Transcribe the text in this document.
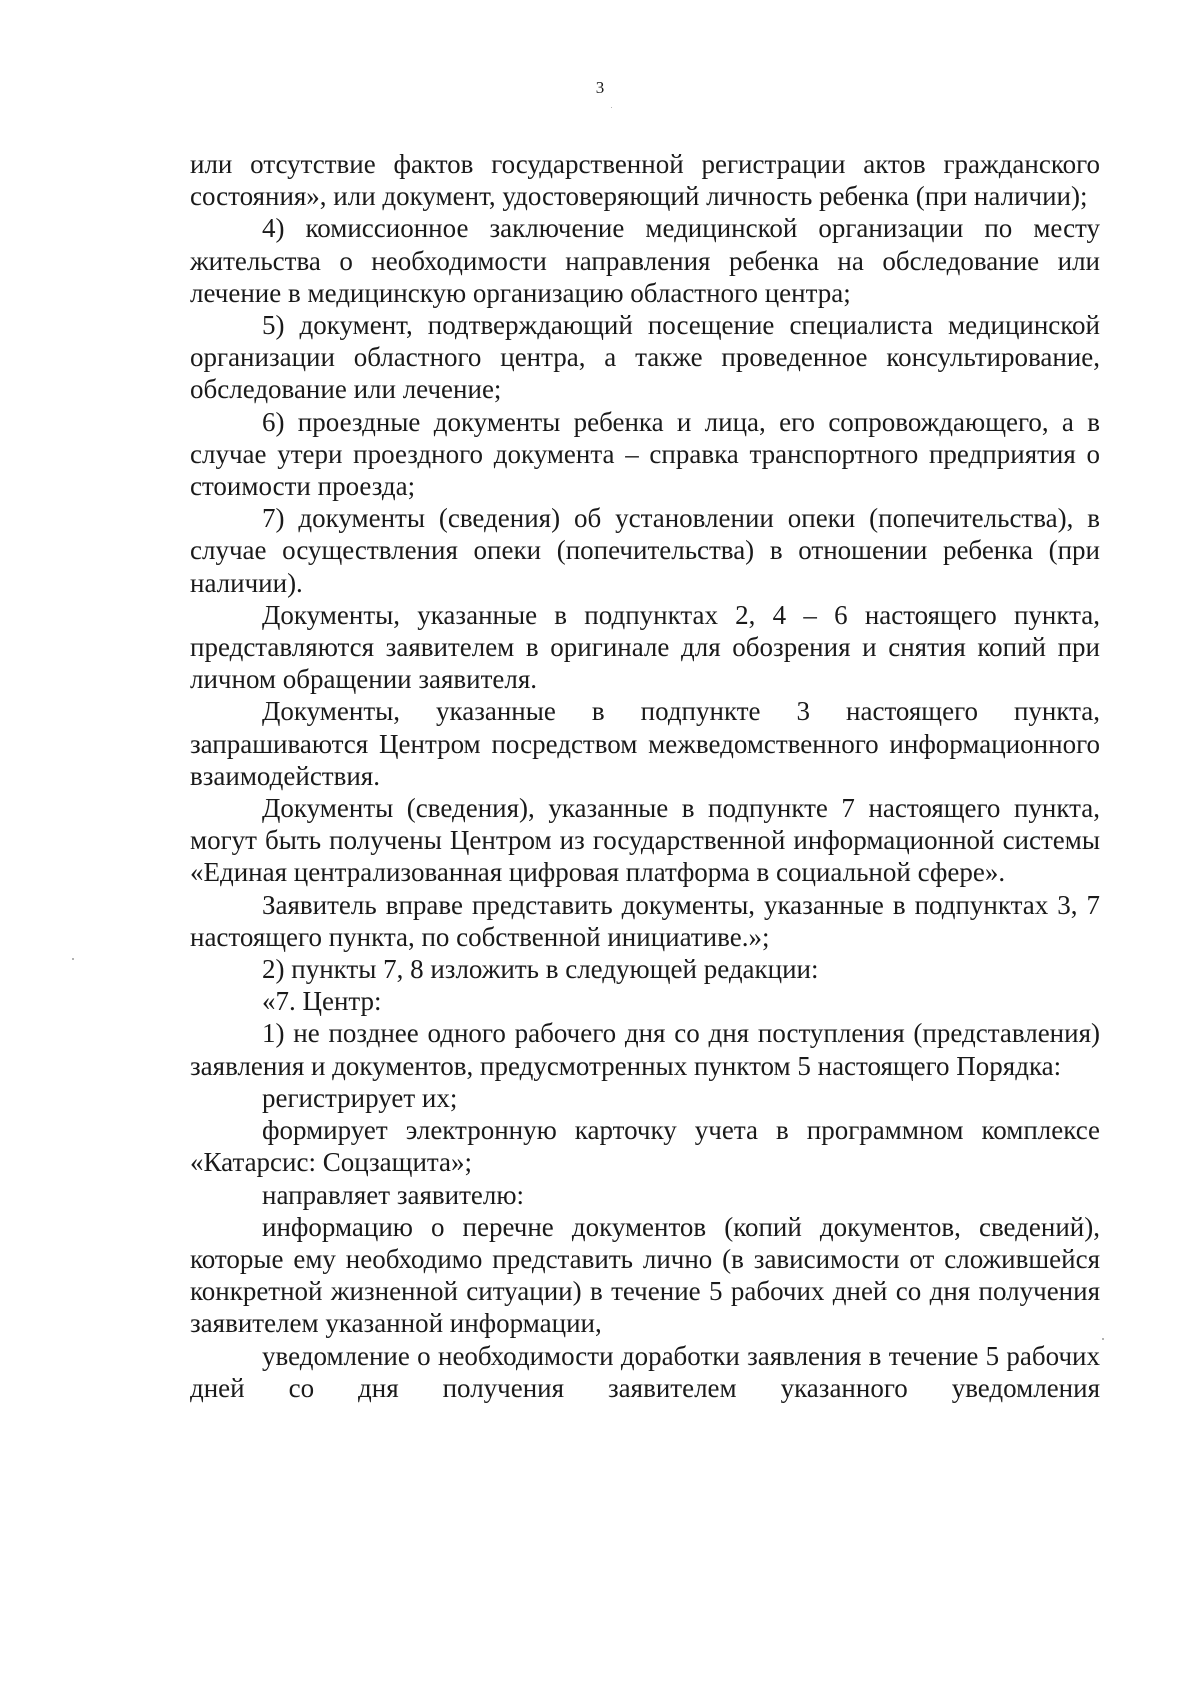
3

или отсутствие фактов государственной регистрации актов гражданского состояния», или документ, удостоверяющий личность ребенка (при наличии);

4) комиссионное заключение медицинской организации по месту жительства о необходимости направления ребенка на обследование или лечение в медицинскую организацию областного центра;

5) документ, подтверждающий посещение специалиста медицинской организации областного центра, а также проведенное консультирование, обследование или лечение;

6) проездные документы ребенка и лица, его сопровождающего, а в случае утери проездного документа – справка транспортного предприятия о стоимости проезда;

7) документы (сведения) об установлении опеки (попечительства), в случае осуществления опеки (попечительства) в отношении ребенка (при наличии).

Документы, указанные в подпунктах 2, 4 – 6 настоящего пункта, представляются заявителем в оригинале для обозрения и снятия копий при личном обращении заявителя.

Документы, указанные в подпункте 3 настоящего пункта, запрашиваются Центром посредством межведомственного информационного взаимодействия.

Документы (сведения), указанные в подпункте 7 настоящего пункта, могут быть получены Центром из государственной информационной системы «Единая централизованная цифровая платформа в социальной сфере».

Заявитель вправе представить документы, указанные в подпунктах 3, 7 настоящего пункта, по собственной инициативе.»;

2) пункты 7, 8 изложить в следующей редакции:

«7. Центр:

1) не позднее одного рабочего дня со дня поступления (представления) заявления и документов, предусмотренных пунктом 5 настоящего Порядка:

регистрирует их;

формирует электронную карточку учета в программном комплексе «Катарсис: Соцзащита»;

направляет заявителю:

информацию о перечне документов (копий документов, сведений), которые ему необходимо представить лично (в зависимости от сложившейся конкретной жизненной ситуации) в течение 5 рабочих дней со дня получения заявителем указанной информации,

уведомление о необходимости доработки заявления в течение 5 рабочих дней со дня получения заявителем указанного уведомления
